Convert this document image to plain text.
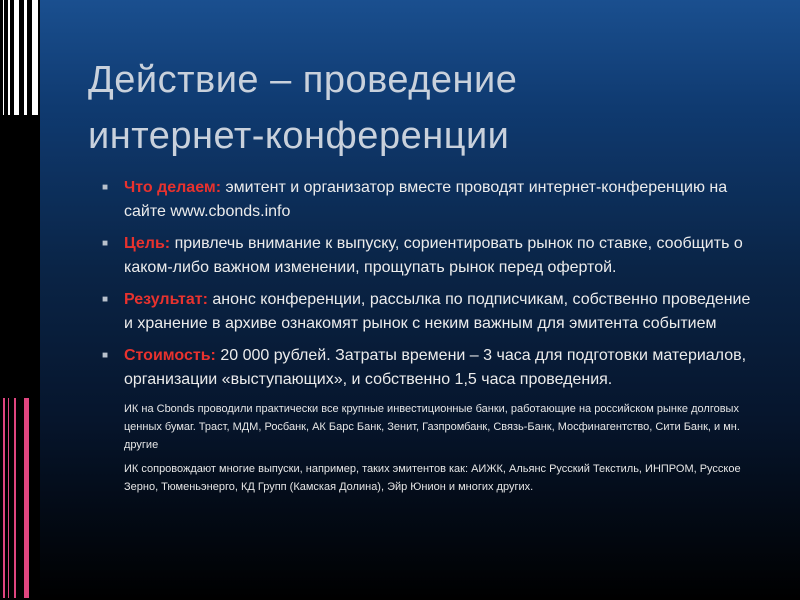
Действие – проведение
интернет-конференции
■ Что делаем: эмитент и организатор вместе проводят интернет-конференцию на сайте www.cbonds.info
■ Цель: привлечь внимание к выпуску, сориентировать рынок по ставке, сообщить о каком-либо важном изменении, прощупать рынок перед офертой.
■ Результат: анонс конференции, рассылка по подписчикам, собственно проведение и хранение в архиве ознакомят рынок с неким важным для эмитента событием
■ Стоимость: 20 000 рублей. Затраты времени – 3 часа для подготовки материалов, организации «выступающих», и собственно 1,5 часа проведения.
ИК на Cbonds проводили практически все крупные инвестиционные банки, работающие на российском рынке долговых ценных бумаг. Траст, МДМ, Росбанк, АК Барс Банк, Зенит, Газпромбанк, Связь-Банк, Мосфинагентство, Сити Банк, и мн. другие
ИК сопровождают многие выпуски, например, таких эмитентов как: АИЖК, Альянс Русский Текстиль, ИНПРОМ, Русское Зерно, Тюменьэнерго, КД Групп (Камская Долина), Эйр Юнион и многих других.
